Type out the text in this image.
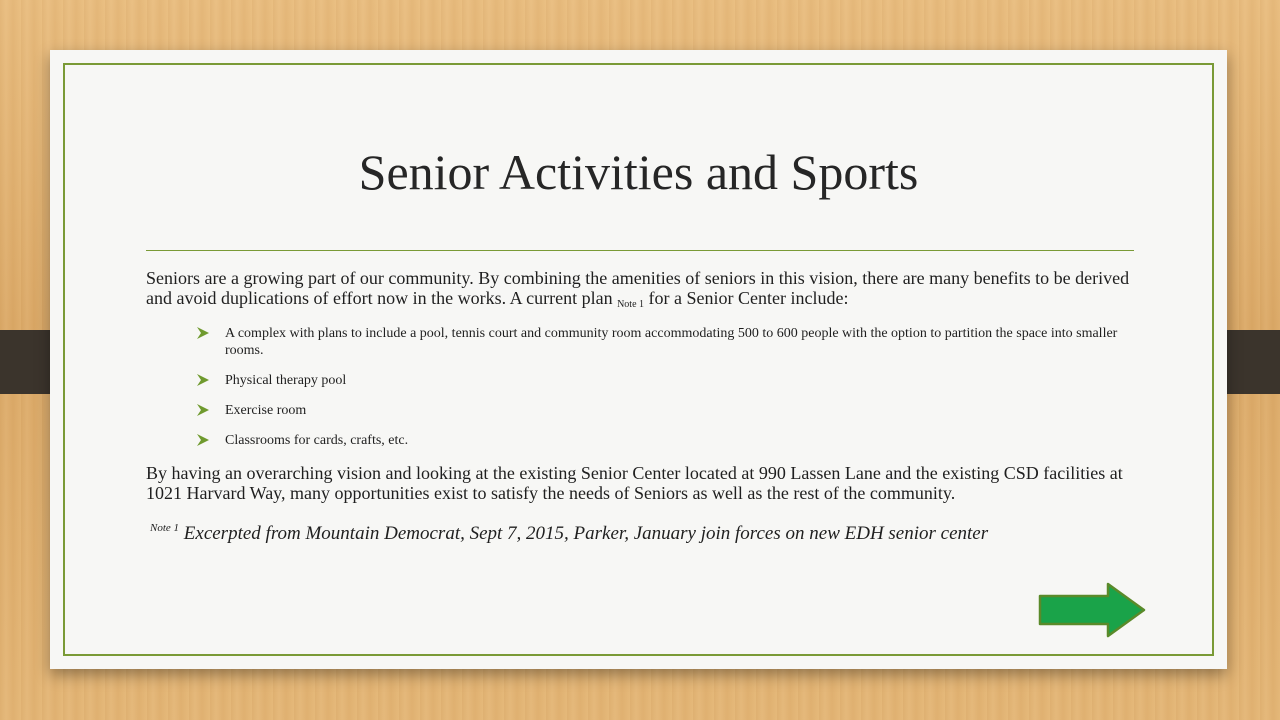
Senior Activities and Sports

Seniors are a growing part of our community. By combining the amenities of seniors in this vision, there are many benefits to be derived and avoid duplications of effort now in the works. A current plan $_{Note 1}$ for a Senior Center include:

A complex with plans to include a pool, tennis court and community room accommodating 500 to 600 people with the option to partition the space into smaller rooms.
Physical therapy pool
Exercise room
Classrooms for cards, crafts, etc.

By having an overarching vision and looking at the existing Senior Center located at 990 Lassen Lane and the existing CSD facilities at 1021 Harvard Way, many opportunities exist to satisfy the needs of Seniors as well as the rest of the community.

$^{Note 1}$ Excerpted from Mountain Democrat, Sept 7, 2015, Parker, January join forces on new EDH senior center
